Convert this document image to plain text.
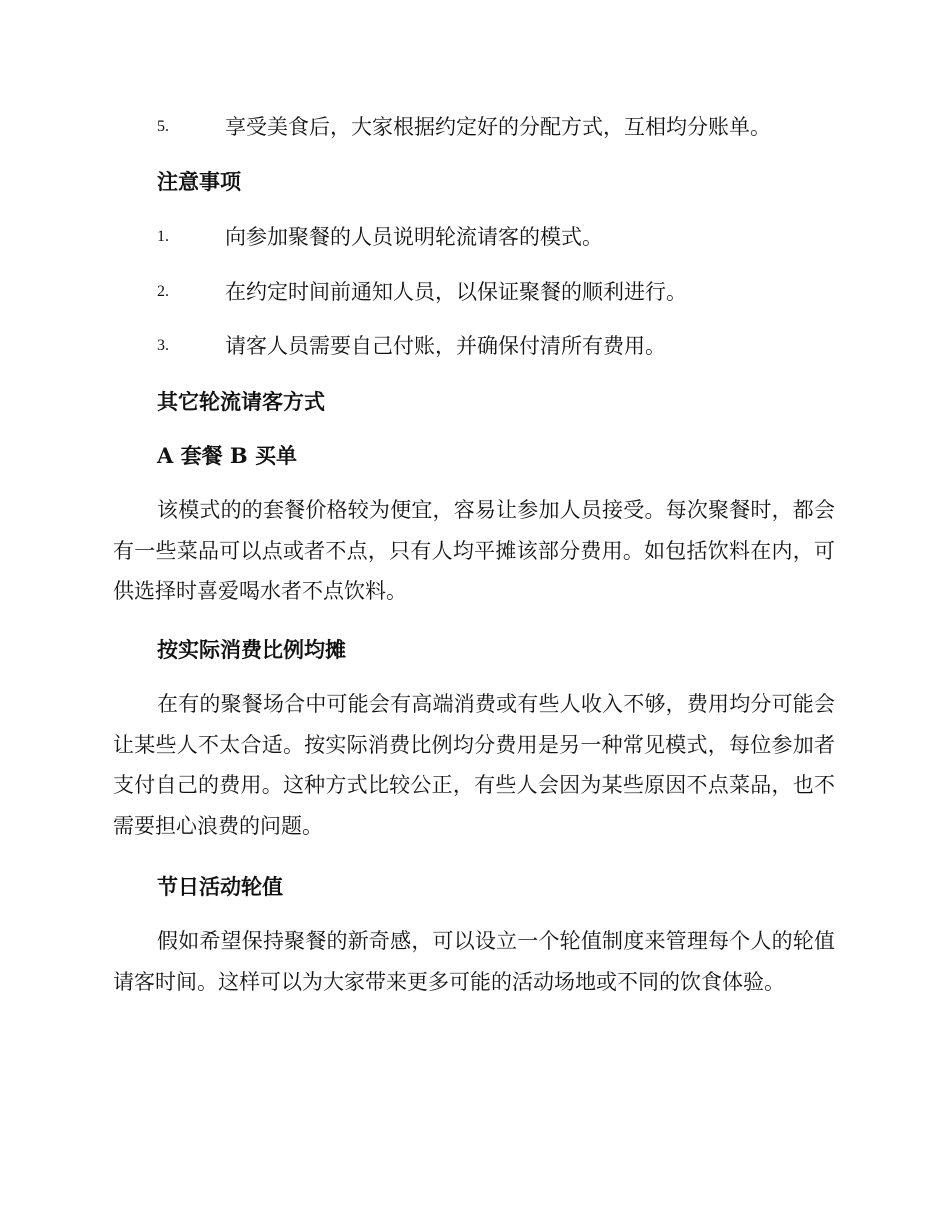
5.	享受美食后，大家根据约定好的分配方式，互相均分账单。
注意事项
1.	向参加聚餐的人员说明轮流请客的模式。
2.	在约定时间前通知人员，以保证聚餐的顺利进行。
3.	请客人员需要自己付账，并确保付清所有费用。
其它轮流请客方式
A 套餐 B 买单

该模式的的套餐价格较为便宜，容易让参加人员接受。每次聚餐时，都会有一些菜品可以点或者不点，只有人均平摊该部分费用。如包括饮料在内，可供选择时喜爱喝水者不点饮料。

按实际消费比例均摊

在有的聚餐场合中可能会有高端消费或有些人收入不够，费用均分可能会让某些人不太合适。按实际消费比例均分费用是另一种常见模式，每位参加者支付自己的费用。这种方式比较公正，有些人会因为某些原因不点菜品，也不需要担心浪费的问题。

节日活动轮值

假如希望保持聚餐的新奇感，可以设立一个轮值制度来管理每个人的轮值请客时间。这样可以为大家带来更多可能的活动场地或不同的饮食体验。
